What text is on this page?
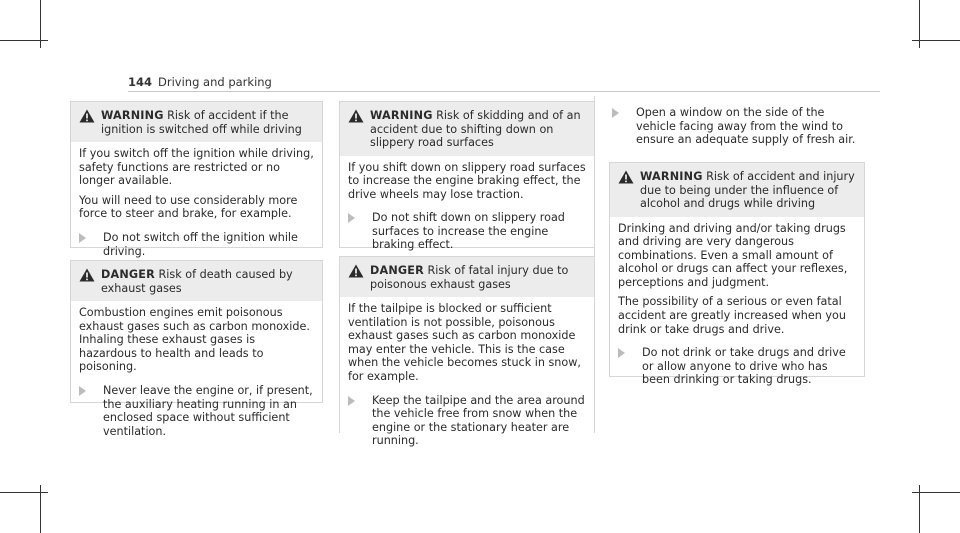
144 Driving and parking
WARNING Risk of accident if the ignition is switched off while driving

If you switch off the ignition while driving, safety functions are restricted or no longer available.

You will need to use considerably more force to steer and brake, for example.

Do not switch off the ignition while driving.
DANGER Risk of death caused by exhaust gases

Combustion engines emit poisonous exhaust gases such as carbon monoxide. Inhaling these exhaust gases is hazardous to health and leads to poisoning.

Never leave the engine or, if present, the auxiliary heating running in an enclosed space without sufficient ventilation.
WARNING Risk of skidding and of an accident due to shifting down on slippery road surfaces

If you shift down on slippery road surfaces to increase the engine braking effect, the drive wheels may lose traction.

Do not shift down on slippery road surfaces to increase the engine braking effect.
DANGER Risk of fatal injury due to poisonous exhaust gases

If the tailpipe is blocked or sufficient ventilation is not possible, poisonous exhaust gases such as carbon monoxide may enter the vehicle. This is the case when the vehicle becomes stuck in snow, for example.

Keep the tailpipe and the area around the vehicle free from snow when the engine or the stationary heater are running.
Open a window on the side of the vehicle facing away from the wind to ensure an adequate supply of fresh air.
WARNING Risk of accident and injury due to being under the influence of alcohol and drugs while driving

Drinking and driving and/or taking drugs and driving are very dangerous combinations. Even a small amount of alcohol or drugs can affect your reflexes, perceptions and judgment.

The possibility of a serious or even fatal accident are greatly increased when you drink or take drugs and drive.

Do not drink or take drugs and drive or allow anyone to drive who has been drinking or taking drugs.
